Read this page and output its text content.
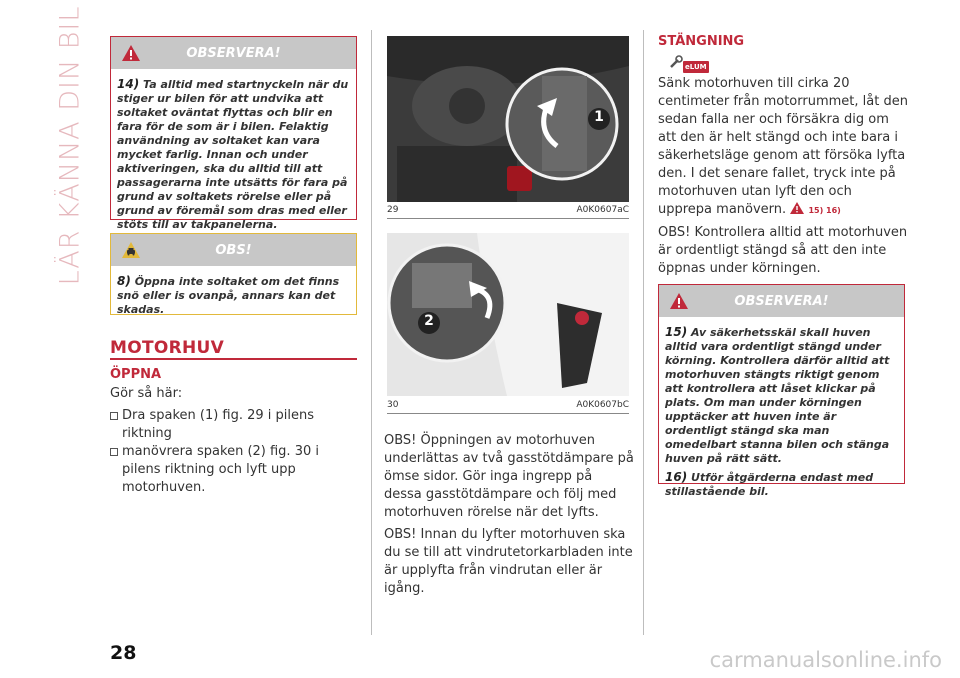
LÄR KÄNNA DIN BIL	OBSERVERA!

14) Ta alltid med startnyckeln när du stiger ur bilen för att undvika att soltaket oväntat flyttas och blir en fara för de som är i bilen. Felaktig användning av soltaket kan vara mycket farlig. Innan och under aktiveringen, ska du alltid till att passagerarna inte utsätts för fara på grund av soltakets rörelse eller på grund av föremål som dras med eller stöts till av takpanelerna.

OBS!

8) Öppna inte soltaket om det finns snö eller is ovanpå, annars kan det skadas.

MOTORHUV
ÖPPNA

Gör så här:

Dra spaken (1) fig. 29 i pilens riktning
manövrera spaken (2) fig. 30 i pilens riktning och lyft upp motorhuven.
1
29	A0K0607aC
2
30	A0K0607bC

OBS! Öppningen av motorhuven underlättas av två gasstötdämpare på ömse sidor. Gör inga ingrepp på dessa gasstötdämpare och följ med motorhuven rörelse när det lyfts.

OBS! Innan du lyfter motorhuven ska du se till att vindrutetorkarbladen inte är upplyfta från vindrutan eller är igång.

STÄNGNING
eLUM

Sänk motorhuven till cirka 20 centimeter från motorrummet, låt den sedan falla ner och försäkra dig om att den är helt stängd och inte bara i säkerhetsläge genom att försöka lyfta den. I det senare fallet, tryck inte på motorhuven utan lyft den och upprepa manövern.	15) 16)

OBS! Kontrollera alltid att motorhuven är ordentligt stängd så att den inte öppnas under körningen.

OBSERVERA!

15) Av säkerhetsskäl skall huven alltid vara ordentligt stängd under körning. Kontrollera därför alltid att motorhuven stängts riktigt genom att kontrollera att låset klickar på plats. Om man under körningen upptäcker att huven inte är ordentligt stängd ska man omedelbart stanna bilen och stänga huven på rätt sätt.

16) Utför åtgärderna endast med stillastående bil.

28	carmanualsonline.info
